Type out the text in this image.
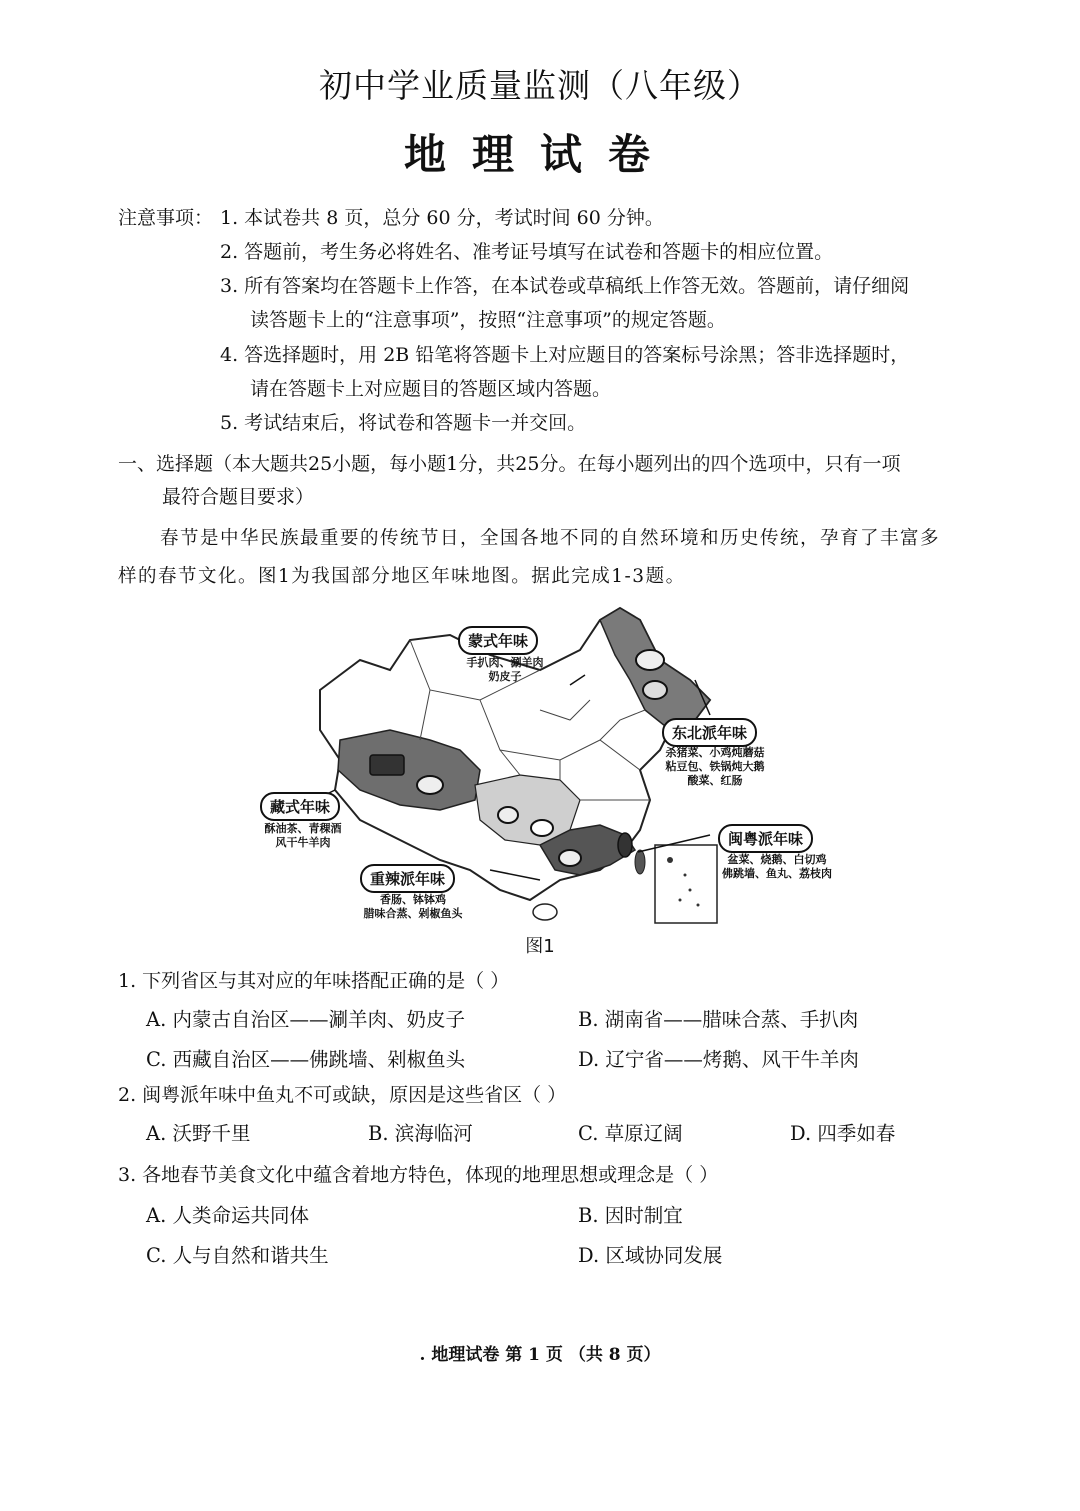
初中学业质量监测（八年级）
地理试卷
注意事项： 1. 本试卷共 8 页，总分 60 分，考试时间 60 分钟。
2. 答题前，考生务必将姓名、准考证号填写在试卷和答题卡的相应位置。
3. 所有答案均在答题卡上作答，在本试卷或草稿纸上作答无效。答题前，请仔细阅
读答题卡上的“注意事项”，按照“注意事项”的规定答题。
4. 答选择题时，用 2B 铅笔将答题卡上对应题目的答案标号涂黑；答非选择题时，
请在答题卡上对应题目的答题区域内答题。
5. 考试结束后，将试卷和答题卡一并交回。
一、选择题（本大题共25小题，每小题1分，共25分。在每小题列出的四个选项中，只有一项
最符合题目要求）
春节是中华民族最重要的传统节日，全国各地不同的自然环境和历史传统，孕育了丰富多
样的春节文化。图1为我国部分地区年味地图。据此完成1-3题。
蒙式年味
手扒肉、涮羊肉
奶皮子
东北派年味
杀猪菜、小鸡炖蘑菇
粘豆包、铁锅炖大鹅
酸菜、红肠
藏式年味
酥油茶、青稞酒
风干牛羊肉	闽粤派年味
盆菜、烧鹅、白切鸡
佛跳墙、鱼丸、荔枝肉
重辣派年味
香肠、钵钵鸡
腊味合蒸、剁椒鱼头
图1
1. 下列省区与其对应的年味搭配正确的是（ ）
A. 内蒙古自治区——涮羊肉、奶皮子	B. 湖南省——腊味合蒸、手扒肉
C. 西藏自治区——佛跳墙、剁椒鱼头	D. 辽宁省——烤鹅、风干牛羊肉
2. 闽粤派年味中鱼丸不可或缺，原因是这些省区（ ）
A. 沃野千里	B. 滨海临河	C. 草原辽阔	D. 四季如春
3. 各地春节美食文化中蕴含着地方特色，体现的地理思想或理念是（ ）
A. 人类命运共同体	B. 因时制宜
C. 人与自然和谐共生	D. 区域协同发展
. 地理试卷 第 1 页 （共 8 页）
